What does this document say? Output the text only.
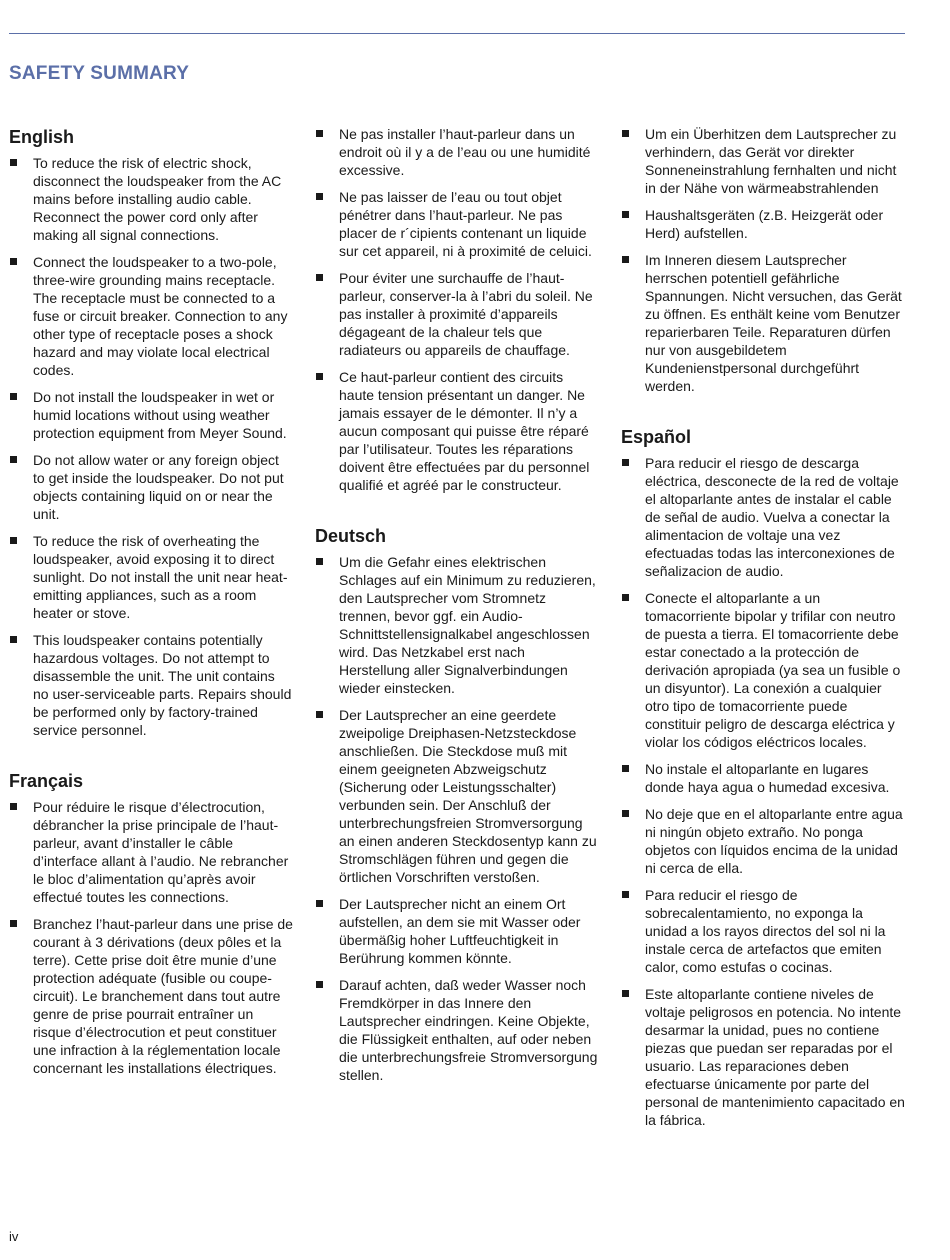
SAFETY SUMMARY
English
To reduce the risk of electric shock, disconnect the loudspeaker from the AC mains before installing audio cable. Reconnect the power cord only after making all signal connections.
Connect the loudspeaker to a two-pole, three-wire grounding mains receptacle. The receptacle must be connected to a fuse or circuit breaker. Connection to any other type of receptacle poses a shock hazard and may violate local electrical codes.
Do not install the loudspeaker in wet or humid locations without using weather protection equipment from Meyer Sound.
Do not allow water or any foreign object to get inside the loudspeaker. Do not put objects containing liquid on or near the unit.
To reduce the risk of overheating the loudspeaker, avoid exposing it to direct sunlight. Do not install the unit near heat-emitting appliances, such as a room heater or stove.
This loudspeaker contains potentially hazardous voltages. Do not attempt to disassemble the unit. The unit contains no user-serviceable parts. Repairs should be performed only by factory-trained service personnel.
Français
Pour réduire le risque d’électrocution, débrancher la prise principale de l’haut-parleur, avant d’installer le câble d’interface allant à l’audio. Ne rebrancher le bloc d’alimentation qu’après avoir effectué toutes les connections.
Branchez l’haut-parleur dans une prise de courant à 3 dérivations (deux pôles et la terre). Cette prise doit être munie d’une protection adéquate (fusible ou coupe-circuit). Le branchement dans tout autre genre de prise pourrait entraîner un risque d’électrocution et peut constituer une infraction à la réglementation locale concernant les installations électriques.
Ne pas installer l’haut-parleur dans un endroit où il y a de l’eau ou une humidité excessive.
Ne pas laisser de l’eau ou tout objet pénétrer dans l’haut-parleur. Ne pas placer de r´cipients contenant un liquide sur cet appareil, ni à proximité de celuici.
Pour éviter une surchauffe de l’haut-parleur, conserver-la à l’abri du soleil. Ne pas installer à proximité d’appareils dégageant de la chaleur tels que radiateurs ou appareils de chauffage.
Ce haut-parleur contient des circuits haute tension présentant un danger. Ne jamais essayer de le démonter. Il n’y a aucun composant qui puisse être réparé par l’utilisateur. Toutes les réparations doivent être effectuées par du personnel qualifié et agréé par le constructeur.
Deutsch
Um die Gefahr eines elektrischen Schlages auf ein Minimum zu reduzieren, den Lautsprecher vom Stromnetz trennen, bevor ggf. ein Audio-Schnittstellensignalkabel angeschlossen wird. Das Netzkabel erst nach Herstellung aller Signalverbindungen wieder einstecken.
Der Lautsprecher an eine geerdete zweipolige Dreiphasen-Netzsteckdose anschließen. Die Steckdose muß mit einem geeigneten Abzweigschutz (Sicherung oder Leistungsschalter) verbunden sein. Der Anschluß der unterbrechungsfreien Stromversorgung an einen anderen Steckdosentyp kann zu Stromschlägen führen und gegen die örtlichen Vorschriften verstoßen.
Der Lautsprecher nicht an einem Ort aufstellen, an dem sie mit Wasser oder übermäßig hoher Luftfeuchtigkeit in Berührung kommen könnte.
Darauf achten, daß weder Wasser noch Fremdkörper in das Innere den Lautsprecher eindringen. Keine Objekte, die Flüssigkeit enthalten, auf oder neben die unterbrechungsfreie Stromversorgung stellen.
Um ein Überhitzen dem Lautsprecher zu verhindern, das Gerät vor direkter Sonneneinstrahlung fernhalten und nicht in der Nähe von wärmeabstrahlenden
Haushaltsgeräten (z.B. Heizgerät oder Herd) aufstellen.
Im Inneren diesem Lautsprecher herrschen potentiell gefährliche Spannungen. Nicht versuchen, das Gerät zu öffnen. Es enthält keine vom Benutzer reparierbaren Teile. Reparaturen dürfen nur von ausgebildetem Kundenienstpersonal durchgeführt werden.
Español
Para reducir el riesgo de descarga eléctrica, desconecte de la red de voltaje el altoparlante antes de instalar el cable de señal de audio. Vuelva a conectar la alimentacion de voltaje una vez efectuadas todas las interconexiones de señalizacion de audio.
Conecte el altoparlante a un tomacorriente bipolar y trifilar con neutro de puesta a tierra. El tomacorriente debe estar conectado a la protección de derivación apropiada (ya sea un fusible o un disyuntor). La conexión a cualquier otro tipo de tomacorriente puede constituir peligro de descarga eléctrica y violar los códigos eléctricos locales.
No instale el altoparlante en lugares donde haya agua o humedad excesiva.
No deje que en el altoparlante entre agua ni ningún objeto extraño. No ponga objetos con líquidos encima de la unidad ni cerca de ella.
Para reducir el riesgo de sobrecalentamiento, no exponga la unidad a los rayos directos del sol ni la instale cerca de artefactos que emiten calor, como estufas o cocinas.
Este altoparlante contiene niveles de voltaje peligrosos en potencia. No intente desarmar la unidad, pues no contiene piezas que puedan ser reparadas por el usuario. Las reparaciones deben efectuarse únicamente por parte del personal de mantenimiento capacitado en la fábrica.
iv
